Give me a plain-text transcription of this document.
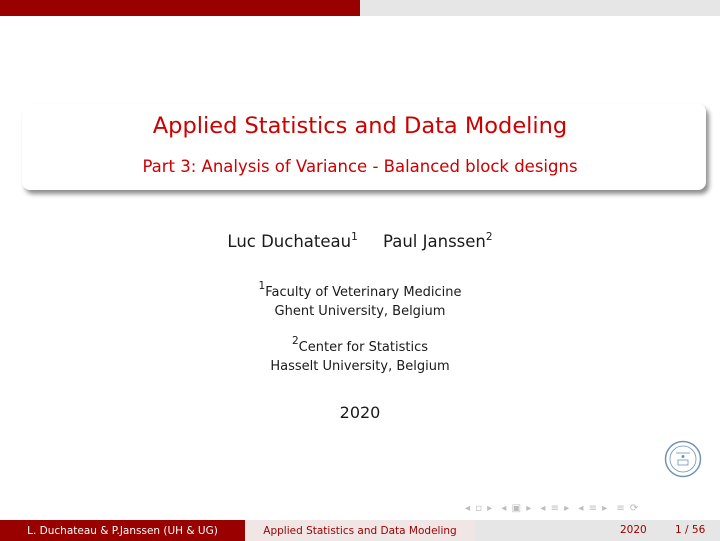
Applied Statistics and Data Modeling
Part 3: Analysis of Variance - Balanced block designs
Luc Duchateau$^1$ Paul Janssen$^2$
$^1$Faculty of Veterinary Medicine
Ghent University, Belgium
$^2$Center for Statistics
Hasselt University, Belgium
2020
◂ ▫ ▸ ◂ ▣ ▸ ◂ ≡ ▸ ◂ ≡ ▸ ≡ ⟳
L. Duchateau & P.Janssen (UH & UG)	Applied Statistics and Data Modeling	2020	1 / 56
